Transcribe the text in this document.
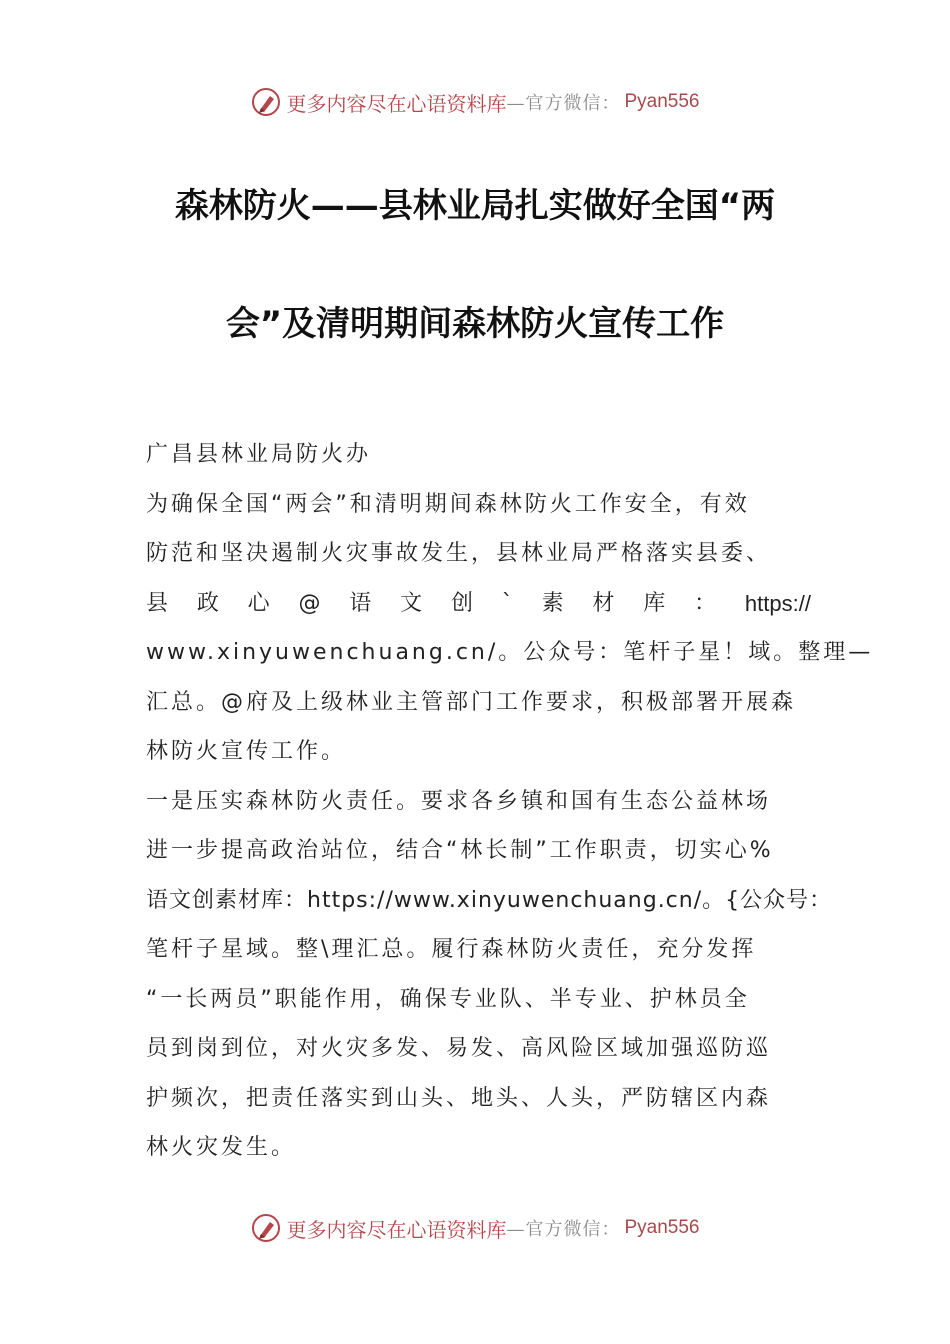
更多内容尽在心语资料库 —官方微信： Pyan556
森林防火——县林业局扎实做好全国“两
会”及清明期间森林防火宣传工作
广昌县林业局防火办
为确保全国“两会”和清明期间森林防火工作安全，有效
防范和坚决遏制火灾事故发生，县林业局严格落实县委、
县 政 心 @ 语 文 创 ` 素 材 库 ： https://
www.xinyuwenchuang.cn/。公众号：笔杆子星！域。整理—
汇总。@府及上级林业主管部门工作要求，积极部署开展森
林防火宣传工作。
一是压实森林防火责任。要求各乡镇和国有生态公益林场
进一步提高政治站位，结合“林长制”工作职责，切实心%
语文创素材库：https://www.xinyuwenchuang.cn/。{公众号：
笔杆子星域。整\理汇总。履行森林防火责任，充分发挥
“一长两员”职能作用，确保专业队、半专业、护林员全
员到岗到位，对火灾多发、易发、高风险区域加强巡防巡
护频次，把责任落实到山头、地头、人头，严防辖区内森
林火灾发生。
更多内容尽在心语资料库 —官方微信： Pyan556
